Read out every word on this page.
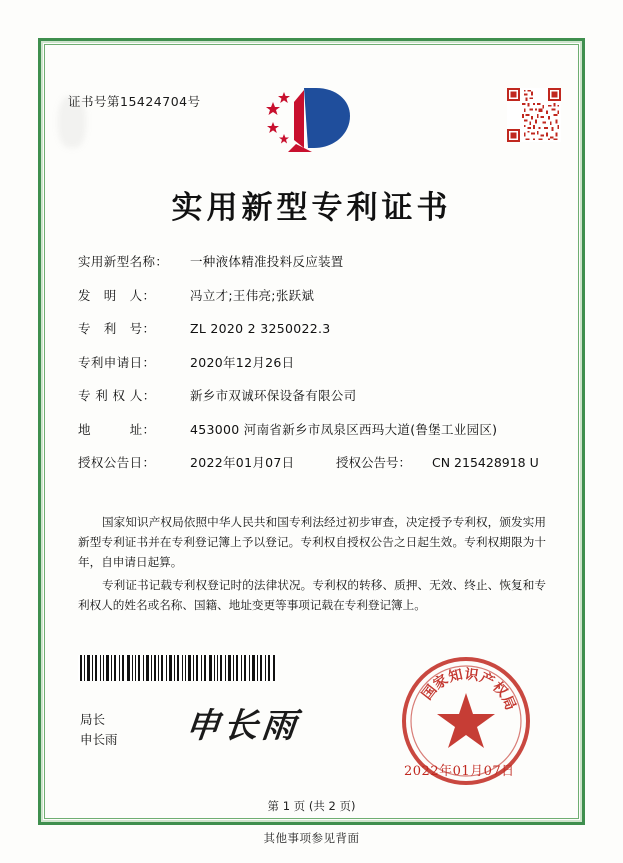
证书号第15424704号
实用新型专利证书
实用新型名称：	一种液体精准投料反应装置
发　明　人：	冯立才;王伟亮;张跃斌
专　利　号：	ZL 2020 2 3250022.3
专利申请日：	2020年12月26日
专 利 权 人：	新乡市双诚环保设备有限公司
地　　　址：	453000 河南省新乡市凤泉区西玛大道(鲁堡工业园区)
授权公告日：	2022年01月07日	授权公告号：	CN 215428918 U

国家知识产权局依照中华人民共和国专利法经过初步审查，决定授予专利权，颁发实用新型专利证书并在专利登记簿上予以登记。专利权自授权公告之日起生效。专利权期限为十年，自申请日起算。

专利证书记载专利权登记时的法律状况。专利权的转移、质押、无效、终止、恢复和专利权人的姓名或名称、国籍、地址变更等事项记载在专利登记簿上。

局长
申长雨 申长雨
国
家
知 识
产
权
局
2022年01月07日
第 1 页 (共 2 页)
其他事项参见背面
